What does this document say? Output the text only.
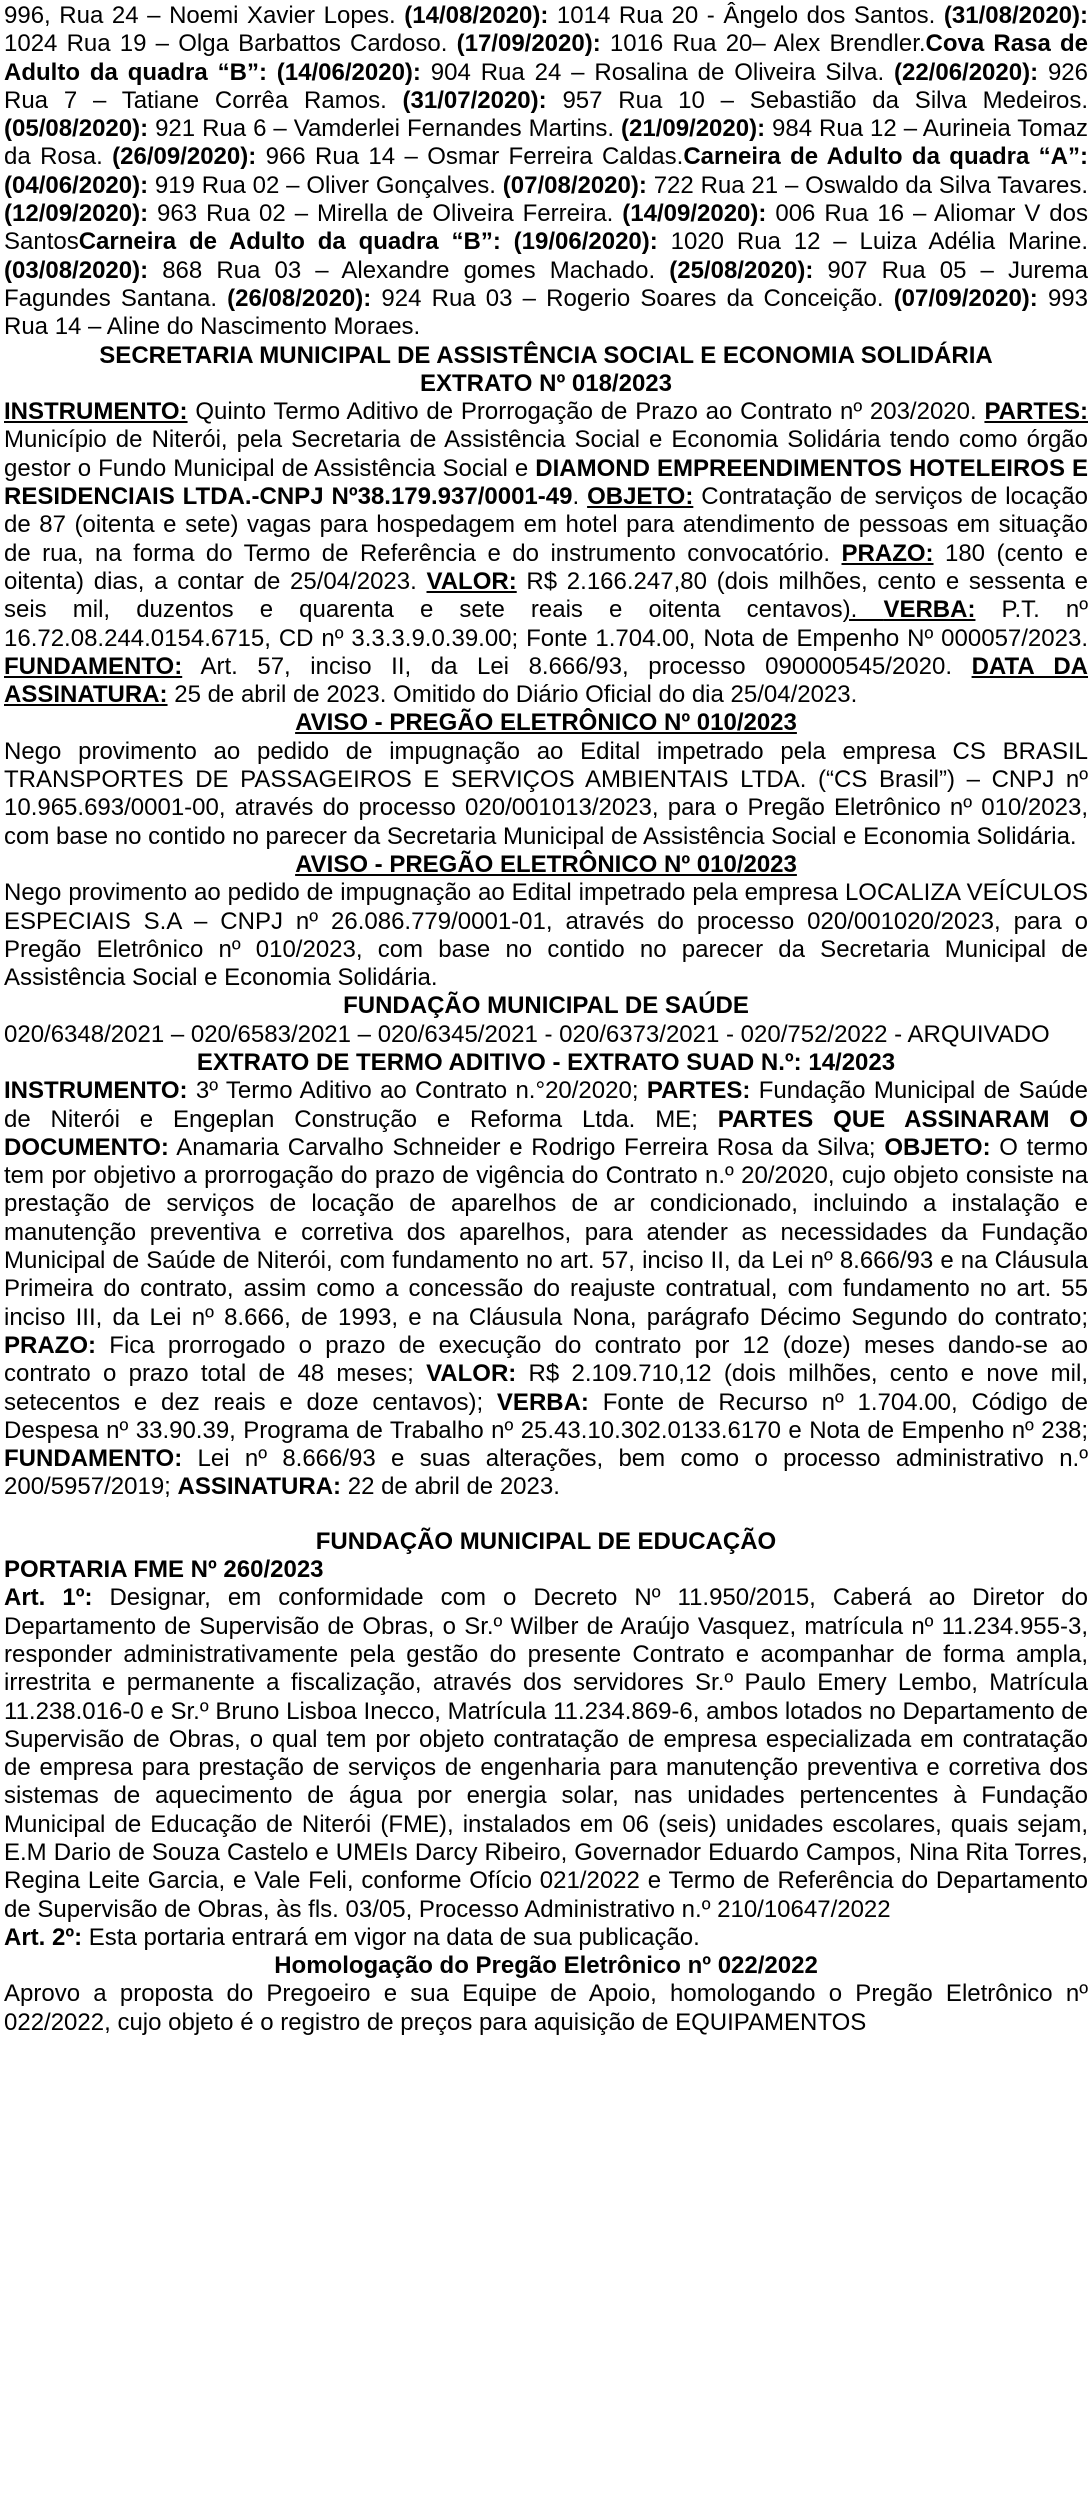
996, Rua 24 – Noemi Xavier Lopes. (14/08/2020): 1014 Rua 20 - Ângelo dos Santos. (31/08/2020): 1024 Rua 19 – Olga Barbattos Cardoso. (17/09/2020): 1016 Rua 20– Alex Brendler.Cova Rasa de Adulto da quadra “B”: (14/06/2020): 904 Rua 24 – Rosalina de Oliveira Silva. (22/06/2020): 926 Rua 7 – Tatiane Corrêa Ramos. (31/07/2020): 957 Rua 10 – Sebastião da Silva Medeiros. (05/08/2020): 921 Rua 6 – Vamderlei Fernandes Martins. (21/09/2020): 984 Rua 12 – Aurineia Tomaz da Rosa. (26/09/2020): 966 Rua 14 – Osmar Ferreira Caldas.Carneira de Adulto da quadra “A”: (04/06/2020): 919 Rua 02 – Oliver Gonçalves. (07/08/2020): 722 Rua 21 – Oswaldo da Silva Tavares. (12/09/2020): 963 Rua 02 – Mirella de Oliveira Ferreira. (14/09/2020): 006 Rua 16 – Aliomar V dos SantosCarneira de Adulto da quadra “B”: (19/06/2020): 1020 Rua 12 – Luiza Adélia Marine. (03/08/2020): 868 Rua 03 – Alexandre gomes Machado. (25/08/2020): 907 Rua 05 – Jurema Fagundes Santana. (26/08/2020): 924 Rua 03 – Rogerio Soares da Conceição. (07/09/2020): 993 Rua 14 – Aline do Nascimento Moraes.

SECRETARIA MUNICIPAL DE ASSISTÊNCIA SOCIAL E ECONOMIA SOLIDÁRIA

EXTRATO Nº 018/2023

INSTRUMENTO: Quinto Termo Aditivo de Prorrogação de Prazo ao Contrato nº 203/2020. PARTES: Município de Niterói, pela Secretaria de Assistência Social e Economia Solidária tendo como órgão gestor o Fundo Municipal de Assistência Social e DIAMOND EMPREENDIMENTOS HOTELEIROS E RESIDENCIAIS LTDA.-CNPJ Nº38.179.937/0001-49. OBJETO: Contratação de serviços de locação de 87 (oitenta e sete) vagas para hospedagem em hotel para atendimento de pessoas em situação de rua, na forma do Termo de Referência e do instrumento convocatório. PRAZO: 180 (cento e oitenta) dias, a contar de 25/04/2023. VALOR: R$ 2.166.247,80 (dois milhões, cento e sessenta e seis mil, duzentos e quarenta e sete reais e oitenta centavos). VERBA: P.T. nº 16.72.08.244.0154.6715, CD nº 3.3.3.9.0.39.00; Fonte 1.704.00, Nota de Empenho Nº 000057/2023. FUNDAMENTO: Art. 57, inciso II, da Lei 8.666/93, processo 090000545/2020. DATA DA ASSINATURA: 25 de abril de 2023. Omitido do Diário Oficial do dia 25/04/2023.

AVISO - PREGÃO ELETRÔNICO Nº 010/2023

Nego provimento ao pedido de impugnação ao Edital impetrado pela empresa CS BRASIL TRANSPORTES DE PASSAGEIROS E SERVIÇOS AMBIENTAIS LTDA. (“CS Brasil”) – CNPJ nº 10.965.693/0001-00, através do processo 020/001013/2023, para o Pregão Eletrônico nº 010/2023, com base no contido no parecer da Secretaria Municipal de Assistência Social e Economia Solidária.

AVISO - PREGÃO ELETRÔNICO Nº 010/2023

Nego provimento ao pedido de impugnação ao Edital impetrado pela empresa LOCALIZA VEÍCULOS ESPECIAIS S.A – CNPJ nº 26.086.779/0001-01, através do processo 020/001020/2023, para o Pregão Eletrônico nº 010/2023, com base no contido no parecer da Secretaria Municipal de Assistência Social e Economia Solidária.

FUNDAÇÃO MUNICIPAL DE SAÚDE

020/6348/2021 – 020/6583/2021 – 020/6345/2021 - 020/6373/2021 - 020/752/2022 - ARQUIVADO

EXTRATO DE TERMO ADITIVO - EXTRATO SUAD N.º: 14/2023

INSTRUMENTO: 3º Termo Aditivo ao Contrato n.°20/2020; PARTES: Fundação Municipal de Saúde de Niterói e Engeplan Construção e Reforma Ltda. ME; PARTES QUE ASSINARAM O DOCUMENTO: Anamaria Carvalho Schneider e Rodrigo Ferreira Rosa da Silva; OBJETO: O termo tem por objetivo a prorrogação do prazo de vigência do Contrato n.º 20/2020, cujo objeto consiste na prestação de serviços de locação de aparelhos de ar condicionado, incluindo a instalação e manutenção preventiva e corretiva dos aparelhos, para atender as necessidades da Fundação Municipal de Saúde de Niterói, com fundamento no art. 57, inciso II, da Lei nº 8.666/93 e na Cláusula Primeira do contrato, assim como a concessão do reajuste contratual, com fundamento no art. 55 inciso III, da Lei nº 8.666, de 1993, e na Cláusula Nona, parágrafo Décimo Segundo do contrato; PRAZO: Fica prorrogado o prazo de execução do contrato por 12 (doze) meses dando-se ao contrato o prazo total de 48 meses; VALOR: R$ 2.109.710,12 (dois milhões, cento e nove mil, setecentos e dez reais e doze centavos); VERBA: Fonte de Recurso nº 1.704.00, Código de Despesa nº 33.90.39, Programa de Trabalho nº 25.43.10.302.0133.6170 e Nota de Empenho nº 238; FUNDAMENTO: Lei nº 8.666/93 e suas alterações, bem como o processo administrativo n.º 200/5957/2019; ASSINATURA: 22 de abril de 2023.

FUNDAÇÃO MUNICIPAL DE EDUCAÇÃO

PORTARIA FME Nº 260/2023

Art. 1º: Designar, em conformidade com o Decreto Nº 11.950/2015, Caberá ao Diretor do Departamento de Supervisão de Obras, o Sr.º Wilber de Araújo Vasquez, matrícula nº 11.234.955-3, responder administrativamente pela gestão do presente Contrato e acompanhar de forma ampla, irrestrita e permanente a fiscalização, através dos servidores Sr.º Paulo Emery Lembo, Matrícula 11.238.016-0 e Sr.º Bruno Lisboa Inecco, Matrícula 11.234.869-6, ambos lotados no Departamento de Supervisão de Obras, o qual tem por objeto contratação de empresa especializada em contratação de empresa para prestação de serviços de engenharia para manutenção preventiva e corretiva dos sistemas de aquecimento de água por energia solar, nas unidades pertencentes à Fundação Municipal de Educação de Niterói (FME), instalados em 06 (seis) unidades escolares, quais sejam, E.M Dario de Souza Castelo e UMEIs Darcy Ribeiro, Governador Eduardo Campos, Nina Rita Torres, Regina Leite Garcia, e Vale Feli, conforme Ofício 021/2022 e Termo de Referência do Departamento de Supervisão de Obras, às fls. 03/05, Processo Administrativo n.º 210/10647/2022

Art. 2º: Esta portaria entrará em vigor na data de sua publicação.

Homologação do Pregão Eletrônico nº 022/2022

Aprovo a proposta do Pregoeiro e sua Equipe de Apoio, homologando o Pregão Eletrônico nº 022/2022, cujo objeto é o registro de preços para aquisição de EQUIPAMENTOS
